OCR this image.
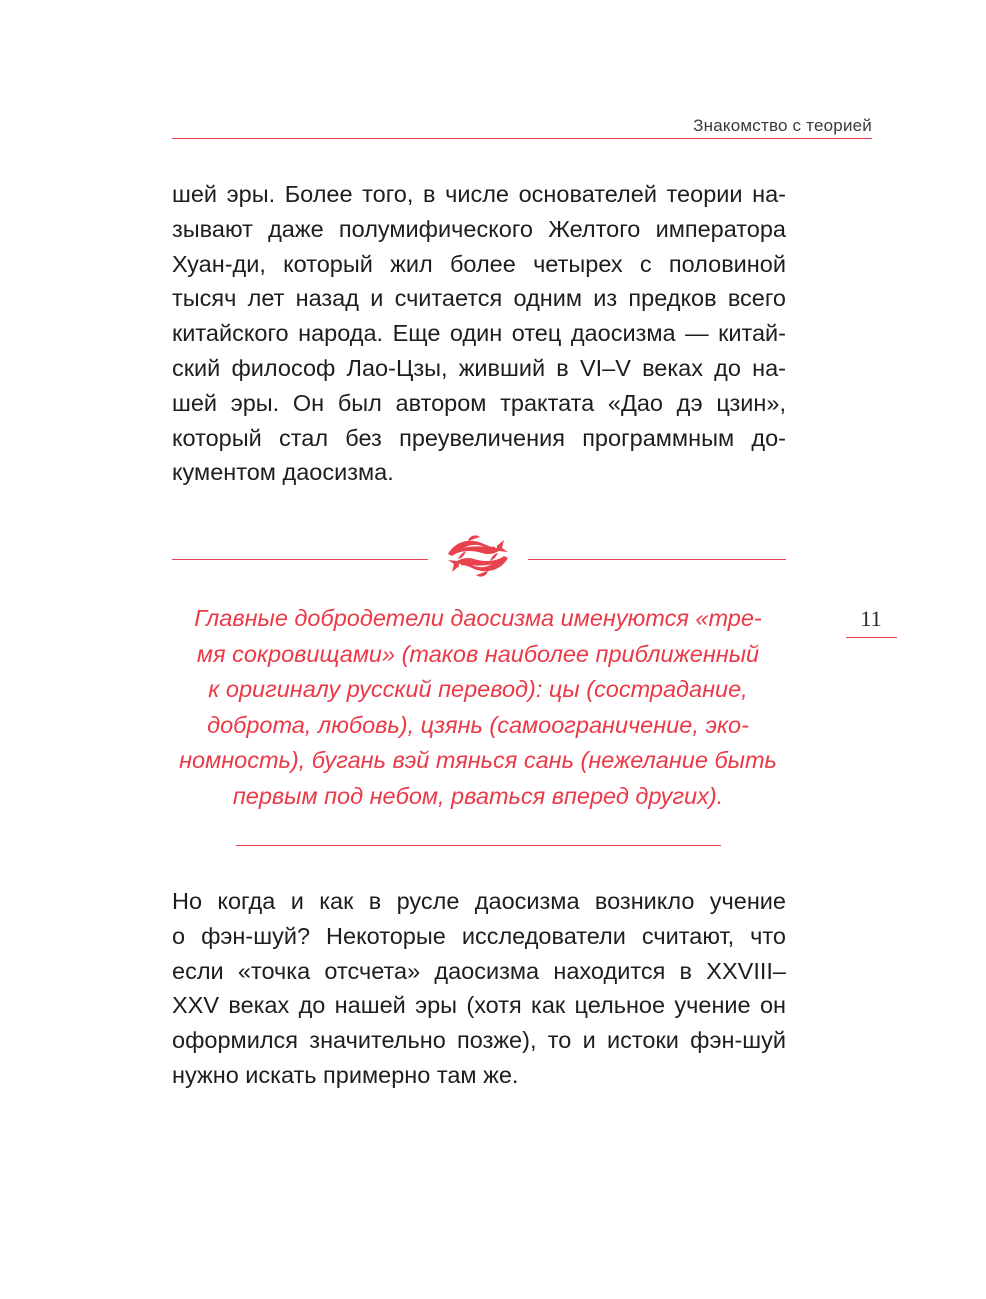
Знакомство с теорией
11
шей эры. Более того, в числе основателей теории на-
зывают даже полумифического Желтого императора
Хуан-ди, который жил более четырех с половиной
тысяч лет назад и считается одним из предков всего
китайского народа. Еще один отец даосизма — китай-
ский философ Лао-Цзы, живший в VI–V веках до на-
шей эры. Он был автором трактата «Дао дэ цзин»,
который стал без преувеличения программным до-
кументом даосизма.
Главные добродетели даосизма именуются «тре-
мя сокровищами» (таков наиболее приближенный
к оригиналу русский перевод): цы (сострадание,
доброта, любовь), цзянь (самоограничение, эко-
номность), бугань вэй тянься сань (нежелание быть
первым под небом, рваться вперед других).
Но когда и как в русле даосизма возникло учение
о фэн-шуй? Некоторые исследователи считают, что
если «точка отсчета» даосизма находится в XXVIII–
XXV веках до нашей эры (хотя как цельное учение он
оформился значительно позже), то и истоки фэн-шуй
нужно искать примерно там же.
